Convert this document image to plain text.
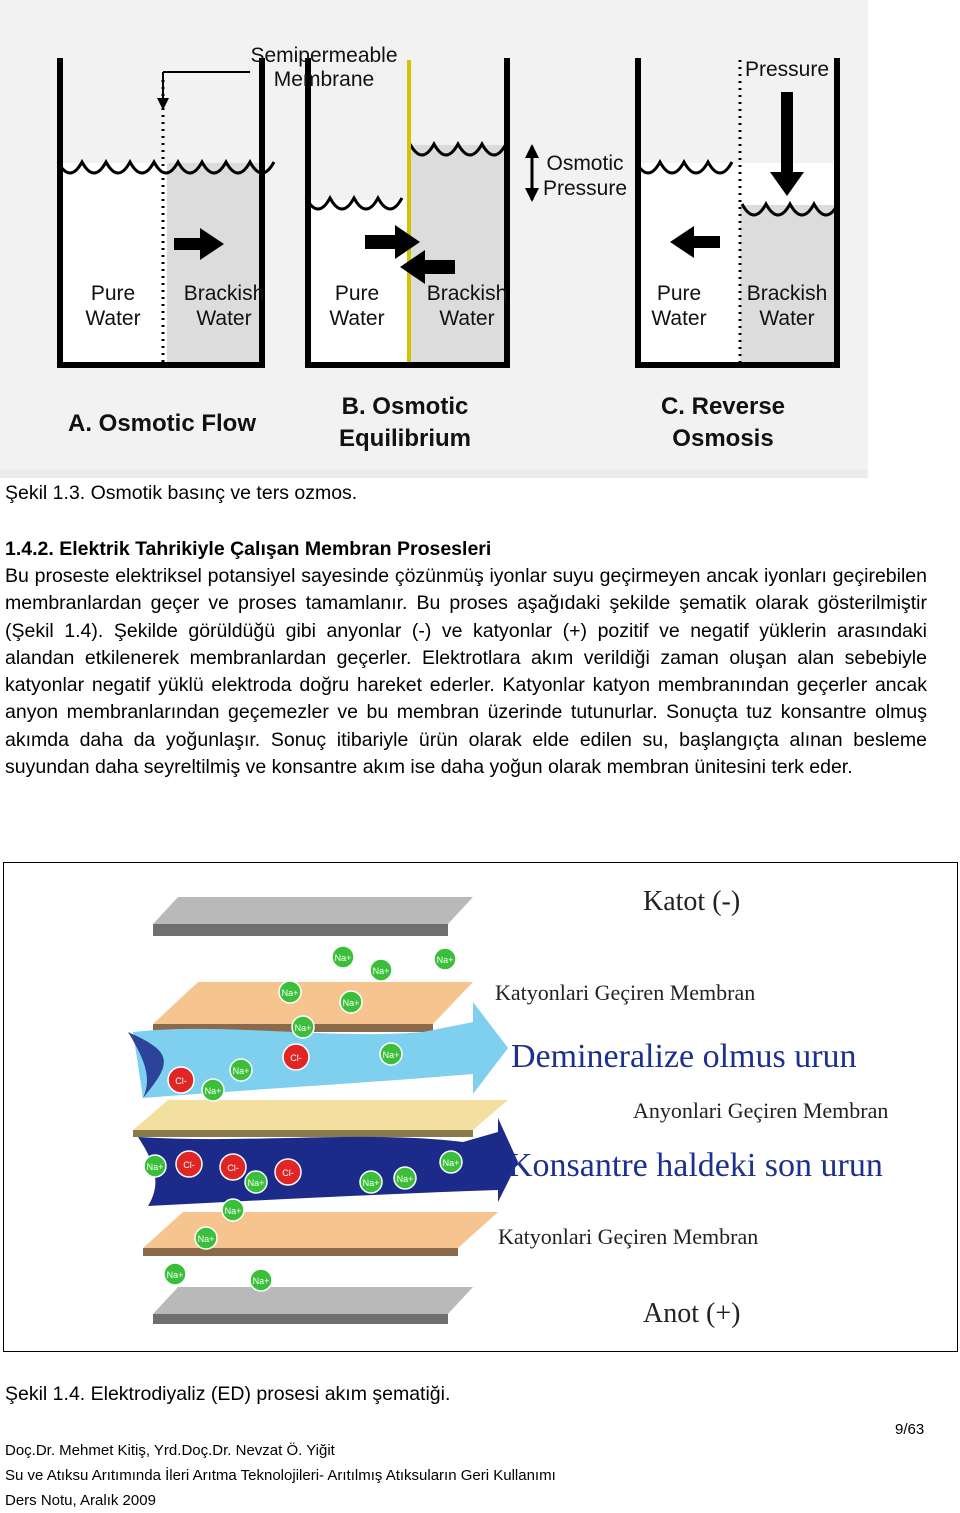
Semipermeable
Membrane	Pressure
Osmotic
Pressure
Pure
Water
Brackish
Water
Pure
Water
Brackish
Water
Pure
Water
Brackish
Water
A. Osmotic Flow
B. Osmotic
Equilibrium
C. Reverse
Osmosis
Şekil 1.3. Osmotik basınç ve ters ozmos.
1.4.2. Elektrik Tahrikiyle Çalışan Membran Prosesleri

Bu proseste elektriksel potansiyel sayesinde çözünmüş iyonlar suyu geçirmeyen ancak iyonları geçirebilen membranlardan geçer ve proses tamamlanır. Bu proses aşağıdaki şekilde şematik olarak gösterilmiştir (Şekil 1.4). Şekilde görüldüğü gibi anyonlar (-) ve katyonlar (+) pozitif ve negatif yüklerin arasındaki alandan etkilenerek membranlardan geçerler. Elektrotlara akım verildiği zaman oluşan alan sebebiyle katyonlar negatif yüklü elektroda doğru hareket ederler. Katyonlar katyon membranından geçerler ancak anyon membranlarından geçemezler ve bu membran üzerinde tutunurlar. Sonuçta tuz konsantre olmuş akımda daha da yoğunlaşır. Sonuç itibariyle ürün olarak elde edilen su, başlangıçta alınan besleme suyundan daha seyreltilmiş ve konsantre akım ise daha yoğun olarak membran ünitesini terk eder.

Na+
Na+
Na+
Na+
Na+
Na+
Cl-
Na+
Cl-
Na+
Na+
Cl-
Na+	Cl-
Na+
Cl-
Na+
Na+
Na+
Na+
Na+
Na+
Na+
Katot (-)
Katyonlari Geçiren Membran
Demineralize olmus urun
Anyonlari Geçiren Membran
Konsantre haldeki son urun
Katyonlari Geçiren Membran
Anot (+)
Şekil 1.4. Elektrodiyaliz (ED) prosesi akım şematiği.
9/63
Doç.Dr. Mehmet Kitiş, Yrd.Doç.Dr. Nevzat Ö. Yiğit
Su ve Atıksu Arıtımında İleri Arıtma Teknolojileri- Arıtılmış Atıksuların Geri Kullanımı
Ders Notu, Aralık 2009
